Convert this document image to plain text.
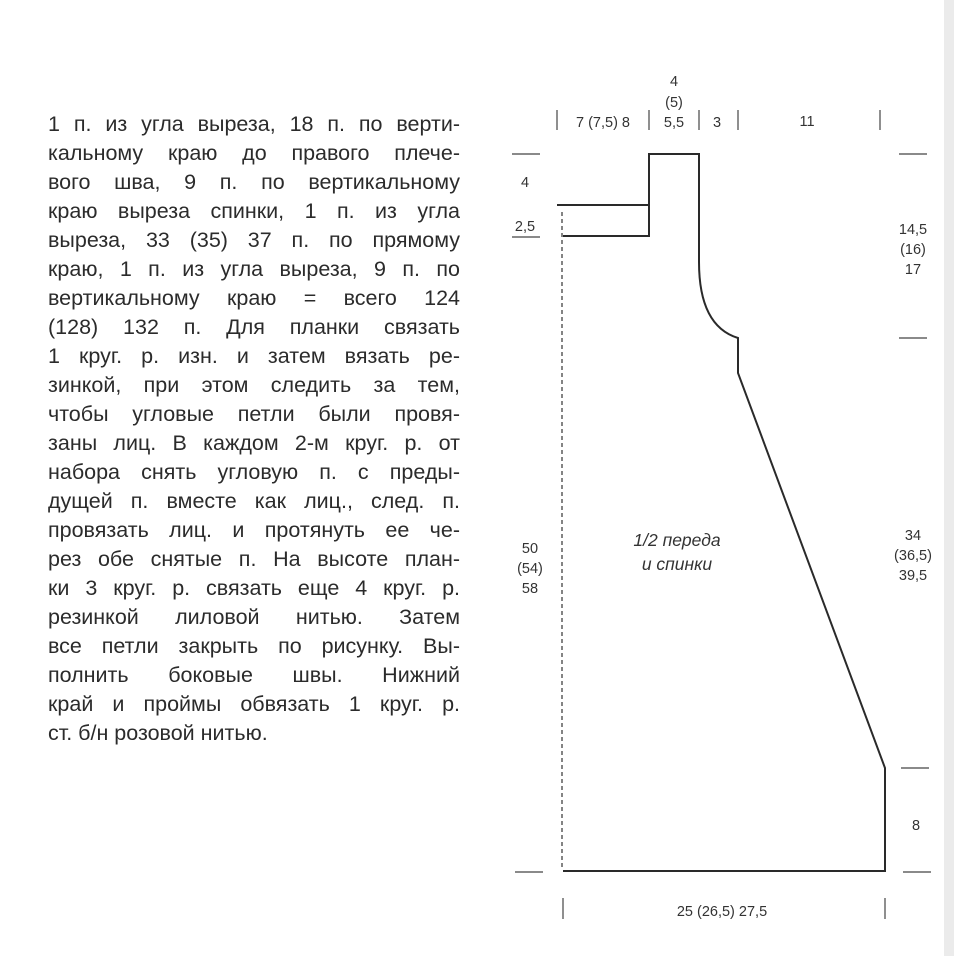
1 п. из угла выреза, 18 п. по верти-
кальному краю до правого плече-
вого шва, 9 п. по вертикальному
краю выреза спинки, 1 п. из угла
выреза, 33 (35) 37 п. по прямому
краю, 1 п. из угла выреза, 9 п. по
вертикальному краю = всего 124
(128) 132 п. Для планки связать
1 круг. р. изн. и затем вязать ре-
зинкой, при этом следить за тем,
чтобы угловые петли были провя-
заны лиц. В каждом 2-м круг. р. от
набора снять угловую п. с преды-
дущей п. вместе как лиц., след. п.
провязать лиц. и протянуть ее че-
рез обе снятые п. На высоте план-
ки 3 круг. р. связать еще 4 круг. р.
резинкой лиловой нитью. Затем
все петли закрыть по рисунку. Вы-
полнить боковые швы. Нижний
край и проймы обвязать 1 круг. р.
ст. б/н розовой нитью.
7 (7,5) 8
4
(5)
5,5 3	11
4
2,5
50
(54)
58
14,5
(16)
17
34
(36,5)
39,5
8
25 (26,5) 27,5
1/2 переда
и спинки
